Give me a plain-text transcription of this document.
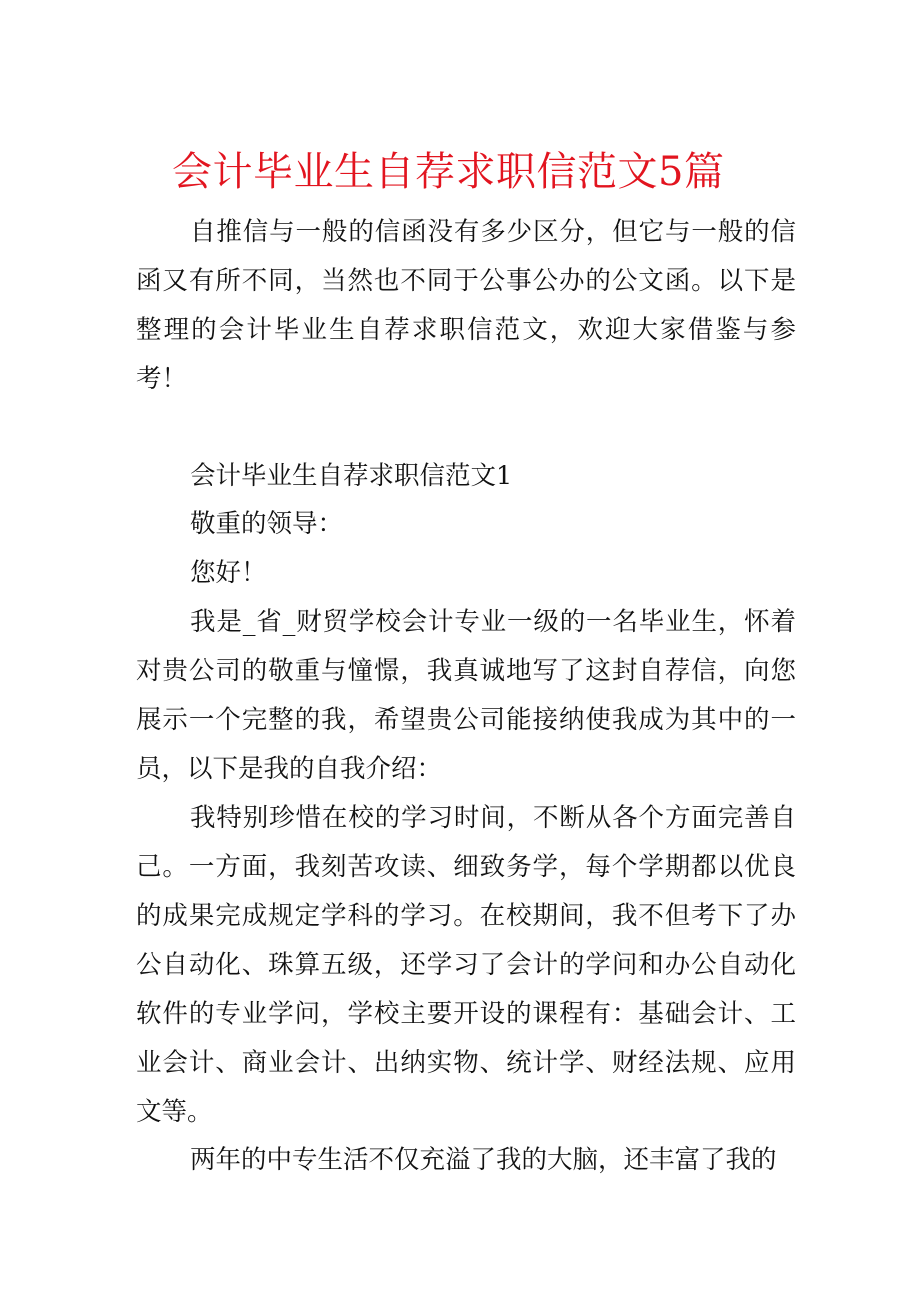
会计毕业生自荐求职信范文5篇

自推信与一般的信函没有多少区分，但它与一般的信函又有所不同，当然也不同于公事公办的公文函。以下是整理的会计毕业生自荐求职信范文，欢迎大家借鉴与参考！

会计毕业生自荐求职信范文1

敬重的领导：

您好！

我是_省_财贸学校会计专业一级的一名毕业生，怀着对贵公司的敬重与憧憬，我真诚地写了这封自荐信，向您展示一个完整的我，希望贵公司能接纳使我成为其中的一员，以下是我的自我介绍：

我特别珍惜在校的学习时间，不断从各个方面完善自己。一方面，我刻苦攻读、细致务学，每个学期都以优良的成果完成规定学科的学习。在校期间，我不但考下了办公自动化、珠算五级，还学习了会计的学问和办公自动化软件的专业学问，学校主要开设的课程有：基础会计、工业会计、商业会计、出纳实物、统计学、财经法规、应用文等。

两年的中专生活不仅充溢了我的大脑，还丰富了我的
